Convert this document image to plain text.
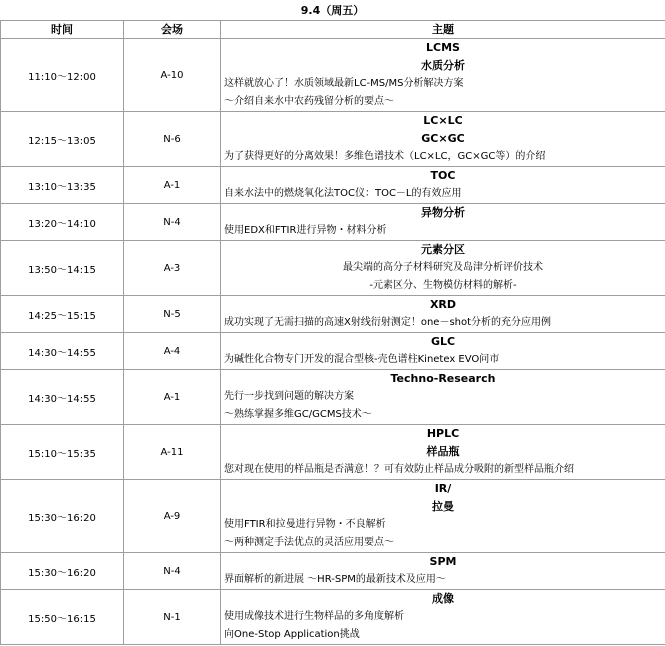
9.4（周五）
时间	会场	主题
11:10～12:00	A-10	LCMS
水质分析
这样就放心了！水质领域最新LC-MS/MS分析解决方案
～介绍自来水中农药残留分析的要点～

12:15～13:05	N-6	LC×LC
GC×GC
为了获得更好的分离效果！多维色谱技术（LC×LC，GC×GC等）的介绍

13:10～13:35	A-1	TOC
自来水法中的燃烧氧化法TOC仪：TOC－L的有效应用

13:20～14:10	N-4	异物分析
使用EDX和FTIR进行异物・材料分析

13:50～14:15	A-3	元素分区
最尖端的高分子材料研究及岛津分析评价技术
-元素区分、生物模仿材料的解析-

14:25～15:15	N-5	XRD
成功实现了无需扫描的高速X射线衍射测定！one－shot分析的充分应用例

14:30～14:55	A-4	GLC
为碱性化合物专门开发的混合型核-壳色谱柱Kinetex EVO问市

14:30～14:55	A-1	Techno-Research
先行一步找到问题的解决方案
～熟练掌握多维GC/GCMS技术～

15:10～15:35	A-11	HPLC
样品瓶
您对现在使用的样品瓶是否满意！？可有效防止样品成分吸附的新型样品瓶介绍

15:30～16:20	A-9	IR/
拉曼
使用FTIR和拉曼进行异物・不良解析
～两种测定手法优点的灵活应用要点～

15:30～16:20	N-4	SPM
界面解析的新进展 ～HR-SPM的最新技术及应用～

15:50～16:15	N-1	成像
使用成像技术进行生物样品的多角度解析
向One-Stop Application挑战
